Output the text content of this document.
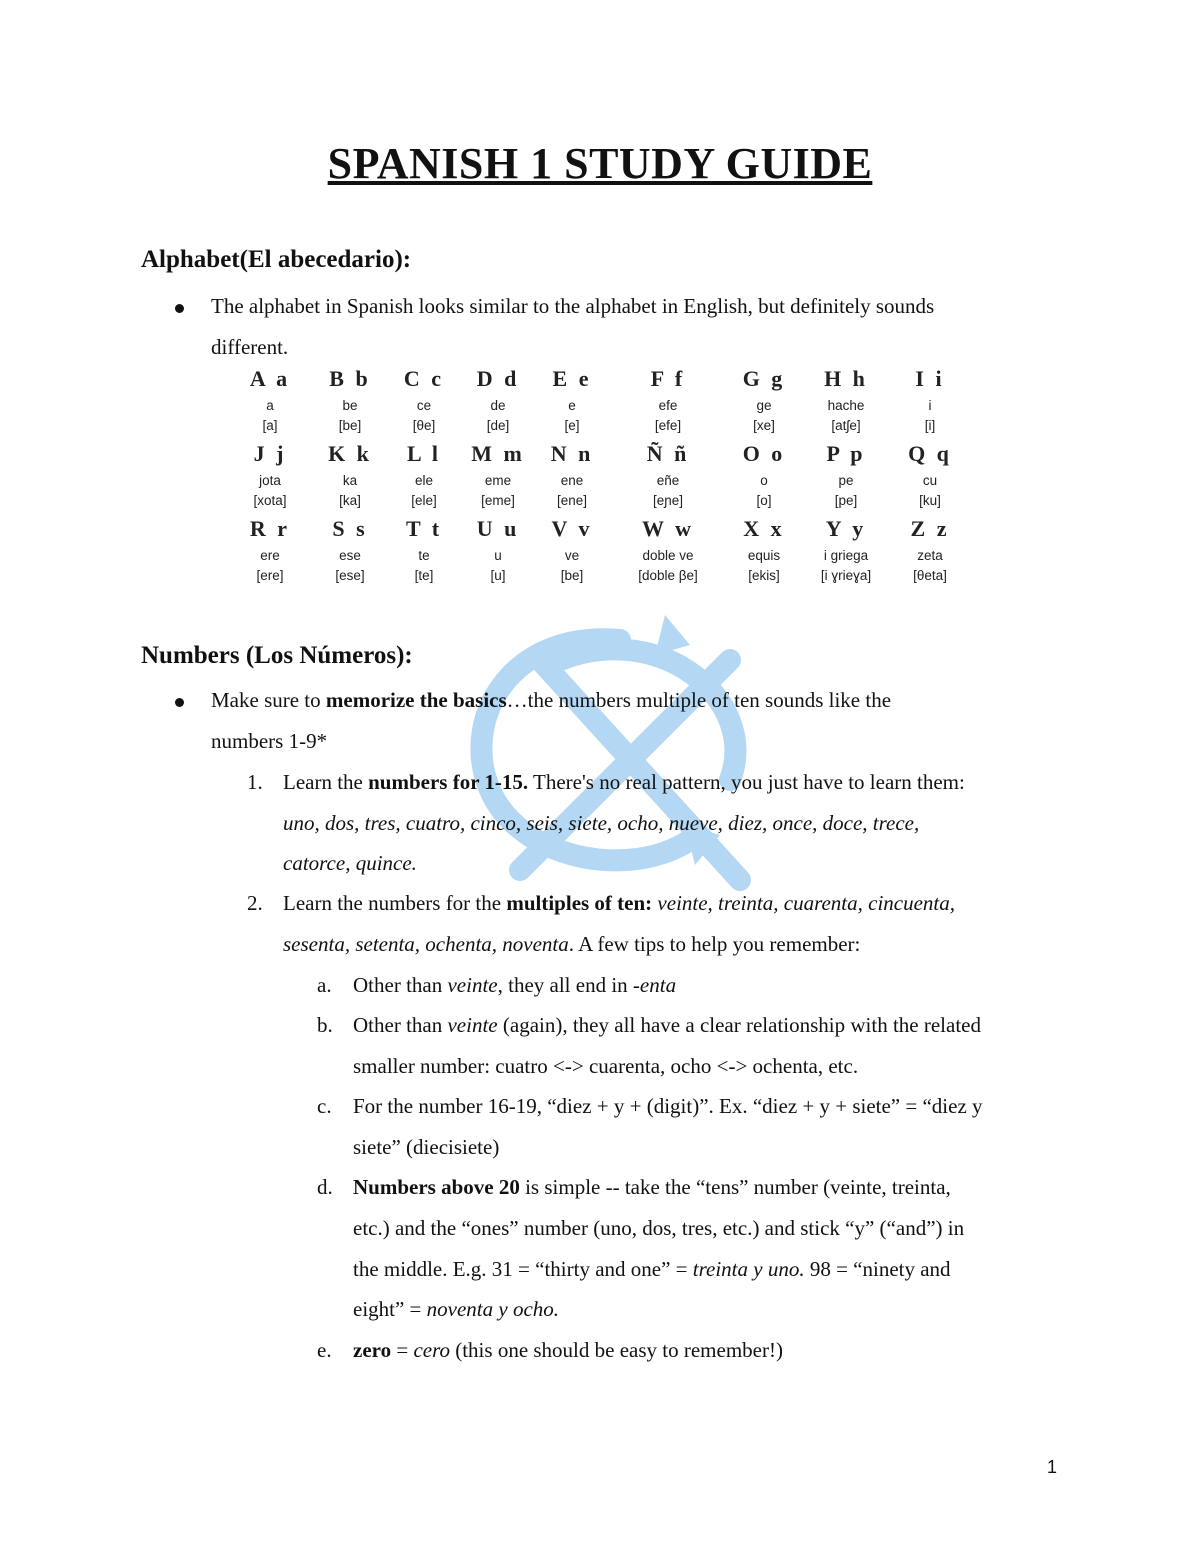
SPANISH 1 STUDY GUIDE
Alphabet(El abecedario):
The alphabet in Spanish looks similar to the alphabet in English, but definitely sounds
different.
A a
a
[a]
B b
be
[be]
C c
ce
[θe]
D d
de
[de]
E e
e
[e]
F f
efe
[efe]
G g
ge
[xe]
H h
hache
[atʃe]
I i
i
[i]
J j
jota
[xota]
K k
ka
[ka]
L l
ele
[ele]
M m
eme
[eme]
N n
ene
[ene]
Ñ ñ
eñe
[eɲe]
O o
o
[o]
P p
pe
[pe]
Q q
cu
[ku]
R r
ere
[ere]
S s
ese
[ese]
T t
te
[te]
U u
u
[u]
V v
ve
[be]
W w
doble ve
[doble βe]
X x
equis
[ekis]
Y y
i griega
[i ɣrieɣa]
Z z
zeta
[θeta]
Numbers (Los Números):
Make sure to memorize the basics…the numbers multiple of ten sounds like the
numbers 1-9*
1. Learn the numbers for 1-15. There's no real pattern, you just have to learn them:
uno, dos, tres, cuatro, cinco, seis, siete, ocho, nueve, diez, once, doce, trece,
catorce, quince.
2. Learn the numbers for the multiples of ten: veinte, treinta, cuarenta, cincuenta,
sesenta, setenta, ochenta, noventa. A few tips to help you remember:
a. Other than veinte, they all end in -enta
b. Other than veinte (again), they all have a clear relationship with the related
smaller number: cuatro <-> cuarenta, ocho <-> ochenta, etc.
c. For the number 16-19, “diez + y + (digit)”. Ex. “diez + y + siete” = “diez y
siete” (diecisiete)
d. Numbers above 20 is simple -- take the “tens” number (veinte, treinta,
etc.) and the “ones” number (uno, dos, tres, etc.) and stick “y” (“and”) in
the middle. E.g. 31 = “thirty and one” = treinta y uno. 98 = “ninety and
eight” = noventa y ocho.
e. zero = cero (this one should be easy to remember!)
1
